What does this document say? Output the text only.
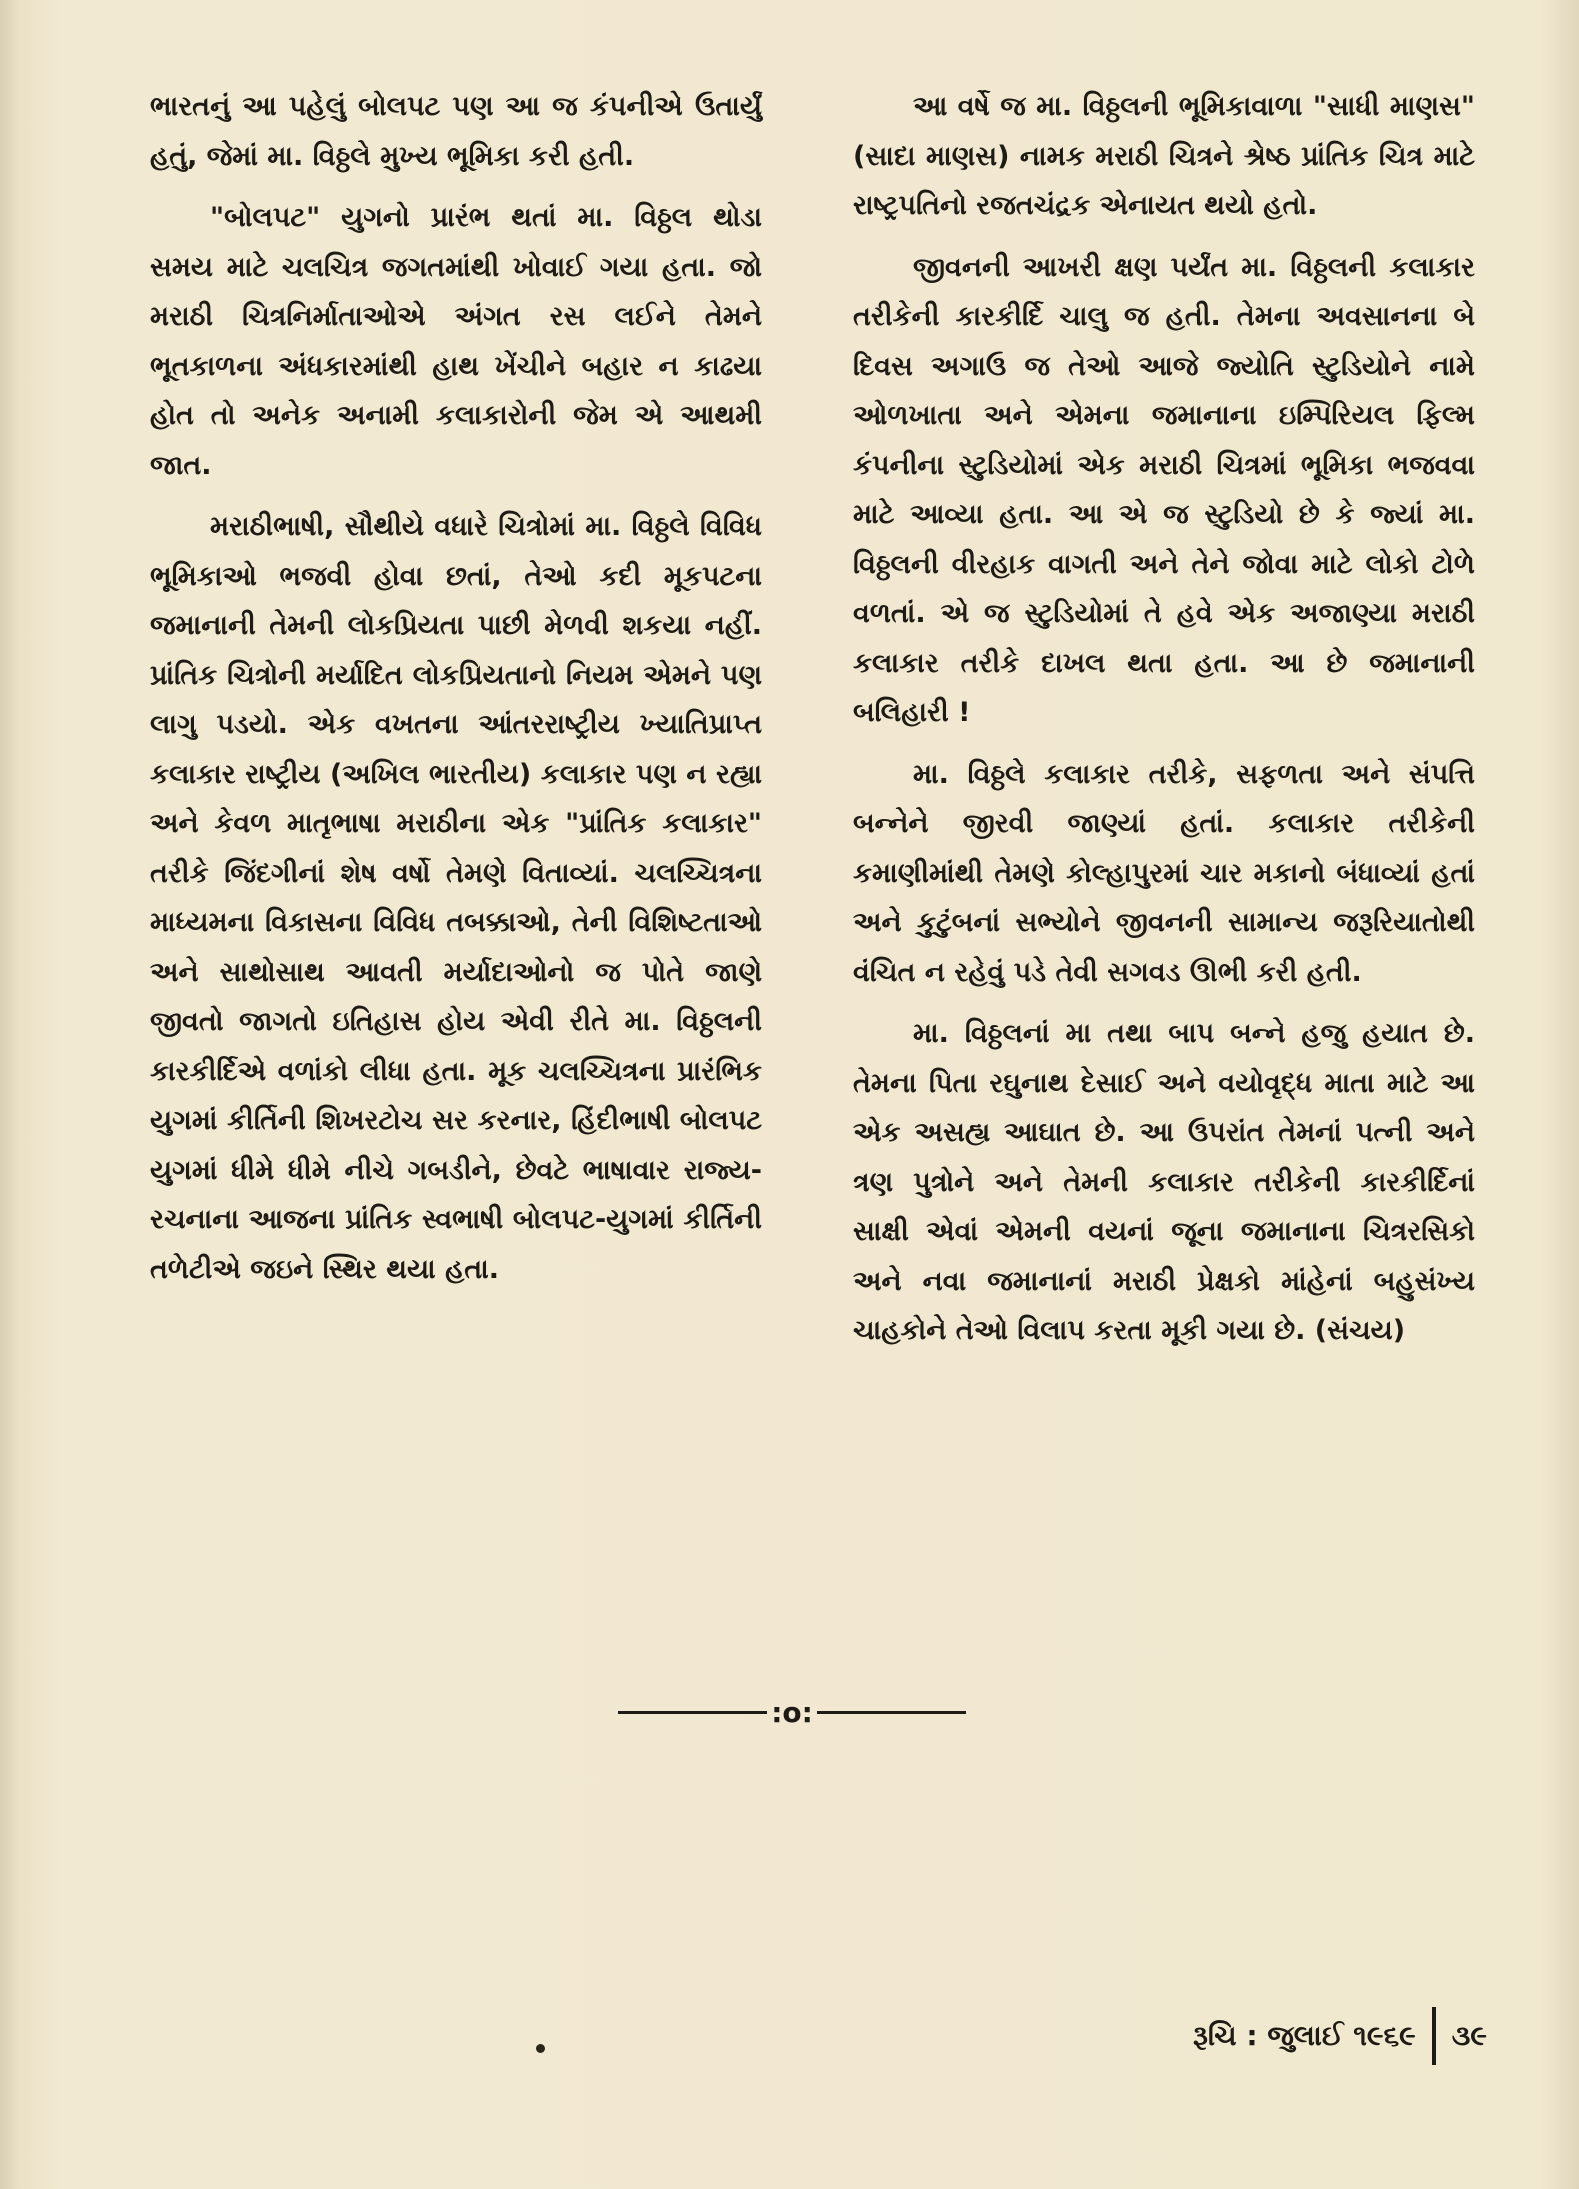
ભારતનું આ પહેલું બોલપટ પણ આ જ કંપનીએ ઉતાર્યું હતું, જેમાં મા. વિઠ્ઠલે મુખ્ય ભૂમિકા કરી હતી.

"બોલપટ" યુગનો પ્રારંભ થતાં મા. વિઠ્ઠલ થોડા સમય માટે ચલચિત્ર જગતમાંથી ખોવાઈ ગયા હતા. જો મરાઠી ચિત્રનિર્માતાઓએ અંગત રસ લઈને તેમને ભૂતકાળના અંધકારમાંથી હાથ ખેંચીને બહાર ન કાઢયા હોત તો અનેક અનામી કલાકારોની જેમ એ આથમી જાત.

મરાઠીભાષી, સૌથીયે વધારે ચિત્રોમાં મા. વિઠ્ઠલે વિવિધ ભૂમિકાઓ ભજવી હોવા છતાં, તેઓ કદી મૂકપટના જમાનાની તેમની લોકપ્રિયતા પાછી મેળવી શકયા નહીં. પ્રાંતિક ચિત્રોની મર્યાદિત લોકપ્રિયતાનો નિયમ એમને પણ લાગુ પડયો. એક વખતના આંતરરાષ્ટ્રીય ખ્યાતિપ્રાપ્ત કલાકાર રાષ્ટ્રીય (અખિલ ભારતીય) કલાકાર પણ ન રહ્યા અને કેવળ માતૃભાષા મરાઠીના એક "પ્રાંતિક કલાકાર" તરીકે જિંદગીનાં શેષ વર્ષો તેમણે વિતાવ્યાં. ચલચ્ચિત્રના માધ્યમના વિકાસના વિવિધ તબક્કાઓ, તેની વિશિષ્ટતાઓ અને સાથોસાથ આવતી મર્યાદાઓનો જ પોતે જાણે જીવતો જાગતો ઇતિહાસ હોય એવી રીતે મા. વિઠ્ઠલની કારકીર્દિએ વળાંકો લીધા હતા. મૂક ચલચ્ચિત્રના પ્રારંભિક યુગમાં કીર્તિની શિખરટોચ સર કરનાર, હિંદીભાષી બોલપટ યુગમાં ધીમે ધીમે નીચે ગબડીને, છેવટે ભાષાવાર રાજ્ય-રચનાના આજના પ્રાંતિક સ્વભાષી બોલપટ-યુગમાં કીર્તિની તળેટીએ જઇને સ્થિર થયા હતા.

આ વર્ષે જ મા. વિઠ્ઠલની ભૂમિકાવાળા "સાધી માણસ" (સાદા માણસ) નામક મરાઠી ચિત્રને શ્રેષ્ઠ પ્રાંતિક ચિત્ર માટે રાષ્ટ્રપતિનો રજતચંદ્રક એનાયત થયો હતો.

જીવનની આખરી ક્ષણ પર્યંત મા. વિઠ્ઠલની કલાકાર તરીકેની કારકીર્દિ ચાલુ જ હતી. તેમના અવસાનના બે દિવસ અગાઉ જ તેઓ આજે જ્યોતિ સ્ટુડિયોને નામે ઓળખાતા અને એમના જમાનાના ઇમ્પિરિયલ ફિલ્મ કંપનીના સ્ટુડિયોમાં એક મરાઠી ચિત્રમાં ભૂમિકા ભજવવા માટે આવ્યા હતા. આ એ જ સ્ટુડિયો છે કે જ્યાં મા. વિઠ્ઠલની વીરહાક વાગતી અને તેને જોવા માટે લોકો ટોળે વળતાં. એ જ સ્ટુડિયોમાં તે હવે એક અજાણ્યા મરાઠી કલાકાર તરીકે દાખલ થતા હતા. આ છે જમાનાની બલિહારી !

મા. વિઠ્ઠલે કલાકાર તરીકે, સફળતા અને સંપત્તિ બન્નેને જીરવી જાણ્યાં હતાં. કલાકાર તરીકેની કમાણીમાંથી તેમણે કોલ્હાપુરમાં ચાર મકાનો બંધાવ્યાં હતાં અને કુટુંબનાં સભ્યોને જીવનની સામાન્ય જરૂરિયાતોથી વંચિત ન રહેવું પડે તેવી સગવડ ઊભી કરી હતી.

મા. વિઠ્ઠલનાં મા તથા બાપ બન્ને હજુ હયાત છે. તેમના પિતા રઘુનાથ દેસાઈ અને વયોવૃદ્ધ માતા માટે આ એક અસહ્ય આઘાત છે. આ ઉપરાંત તેમનાં પત્ની અને ત્રણ પુત્રોને અને તેમની કલાકાર તરીકેની કારકીર્દિનાં સાક્ષી એવાં એમની વયનાં જૂના જમાનાના ચિત્રરસિકો અને નવા જમાનાનાં મરાઠી પ્રેક્ષકો માંહેનાં બહુસંખ્ય ચાહકોને તેઓ વિલાપ કરતા મૂકી ગયા છે. (સંચય)

:o:
રૂચિ : જુલાઈ ૧૯૬૯ ૩૯
